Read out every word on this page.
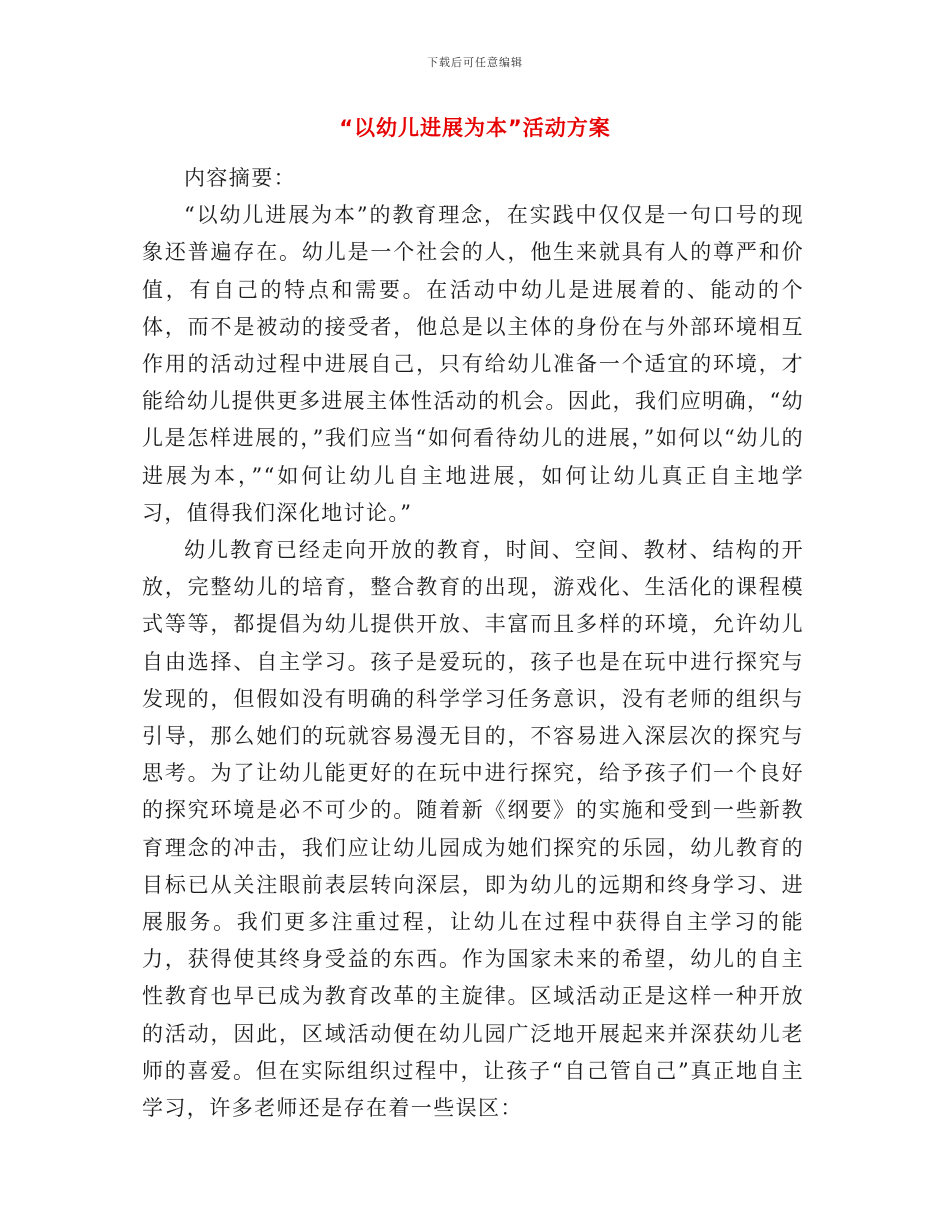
下载后可任意编辑
“以幼儿进展为本”活动方案

内容摘要：

“以幼儿进展为本”的教育理念，在实践中仅仅是一句口号的现象还普遍存在。幼儿是一个社会的人，他生来就具有人的尊严和价值，有自己的特点和需要。在活动中幼儿是进展着的、能动的个体，而不是被动的接受者，他总是以主体的身份在与外部环境相互作用的活动过程中进展自己，只有给幼儿准备一个适宜的环境，才能给幼儿提供更多进展主体性活动的机会。因此，我们应明确，“幼儿是怎样进展的，”我们应当“如何看待幼儿的进展，”如何以“幼儿的进展为本，”“如何让幼儿自主地进展，如何让幼儿真正自主地学习，值得我们深化地讨论。”

幼儿教育已经走向开放的教育，时间、空间、教材、结构的开放，完整幼儿的培育，整合教育的出现，游戏化、生活化的课程模式等等，都提倡为幼儿提供开放、丰富而且多样的环境，允许幼儿自由选择、自主学习。孩子是爱玩的，孩子也是在玩中进行探究与发现的，但假如没有明确的科学学习任务意识，没有老师的组织与引导，那么她们的玩就容易漫无目的，不容易进入深层次的探究与思考。为了让幼儿能更好的在玩中进行探究，给予孩子们一个良好的探究环境是必不可少的。随着新《纲要》的实施和受到一些新教育理念的冲击，我们应让幼儿园成为她们探究的乐园，幼儿教育的目标已从关注眼前表层转向深层，即为幼儿的远期和终身学习、进展服务。我们更多注重过程，让幼儿在过程中获得自主学习的能力，获得使其终身受益的东西。作为国家未来的希望，幼儿的自主性教育也早已成为教育改革的主旋律。区域活动正是这样一种开放的活动，因此，区域活动便在幼儿园广泛地开展起来并深获幼儿老师的喜爱。但在实际组织过程中，让孩子“自己管自己”真正地自主学习，许多老师还是存在着一些误区：
